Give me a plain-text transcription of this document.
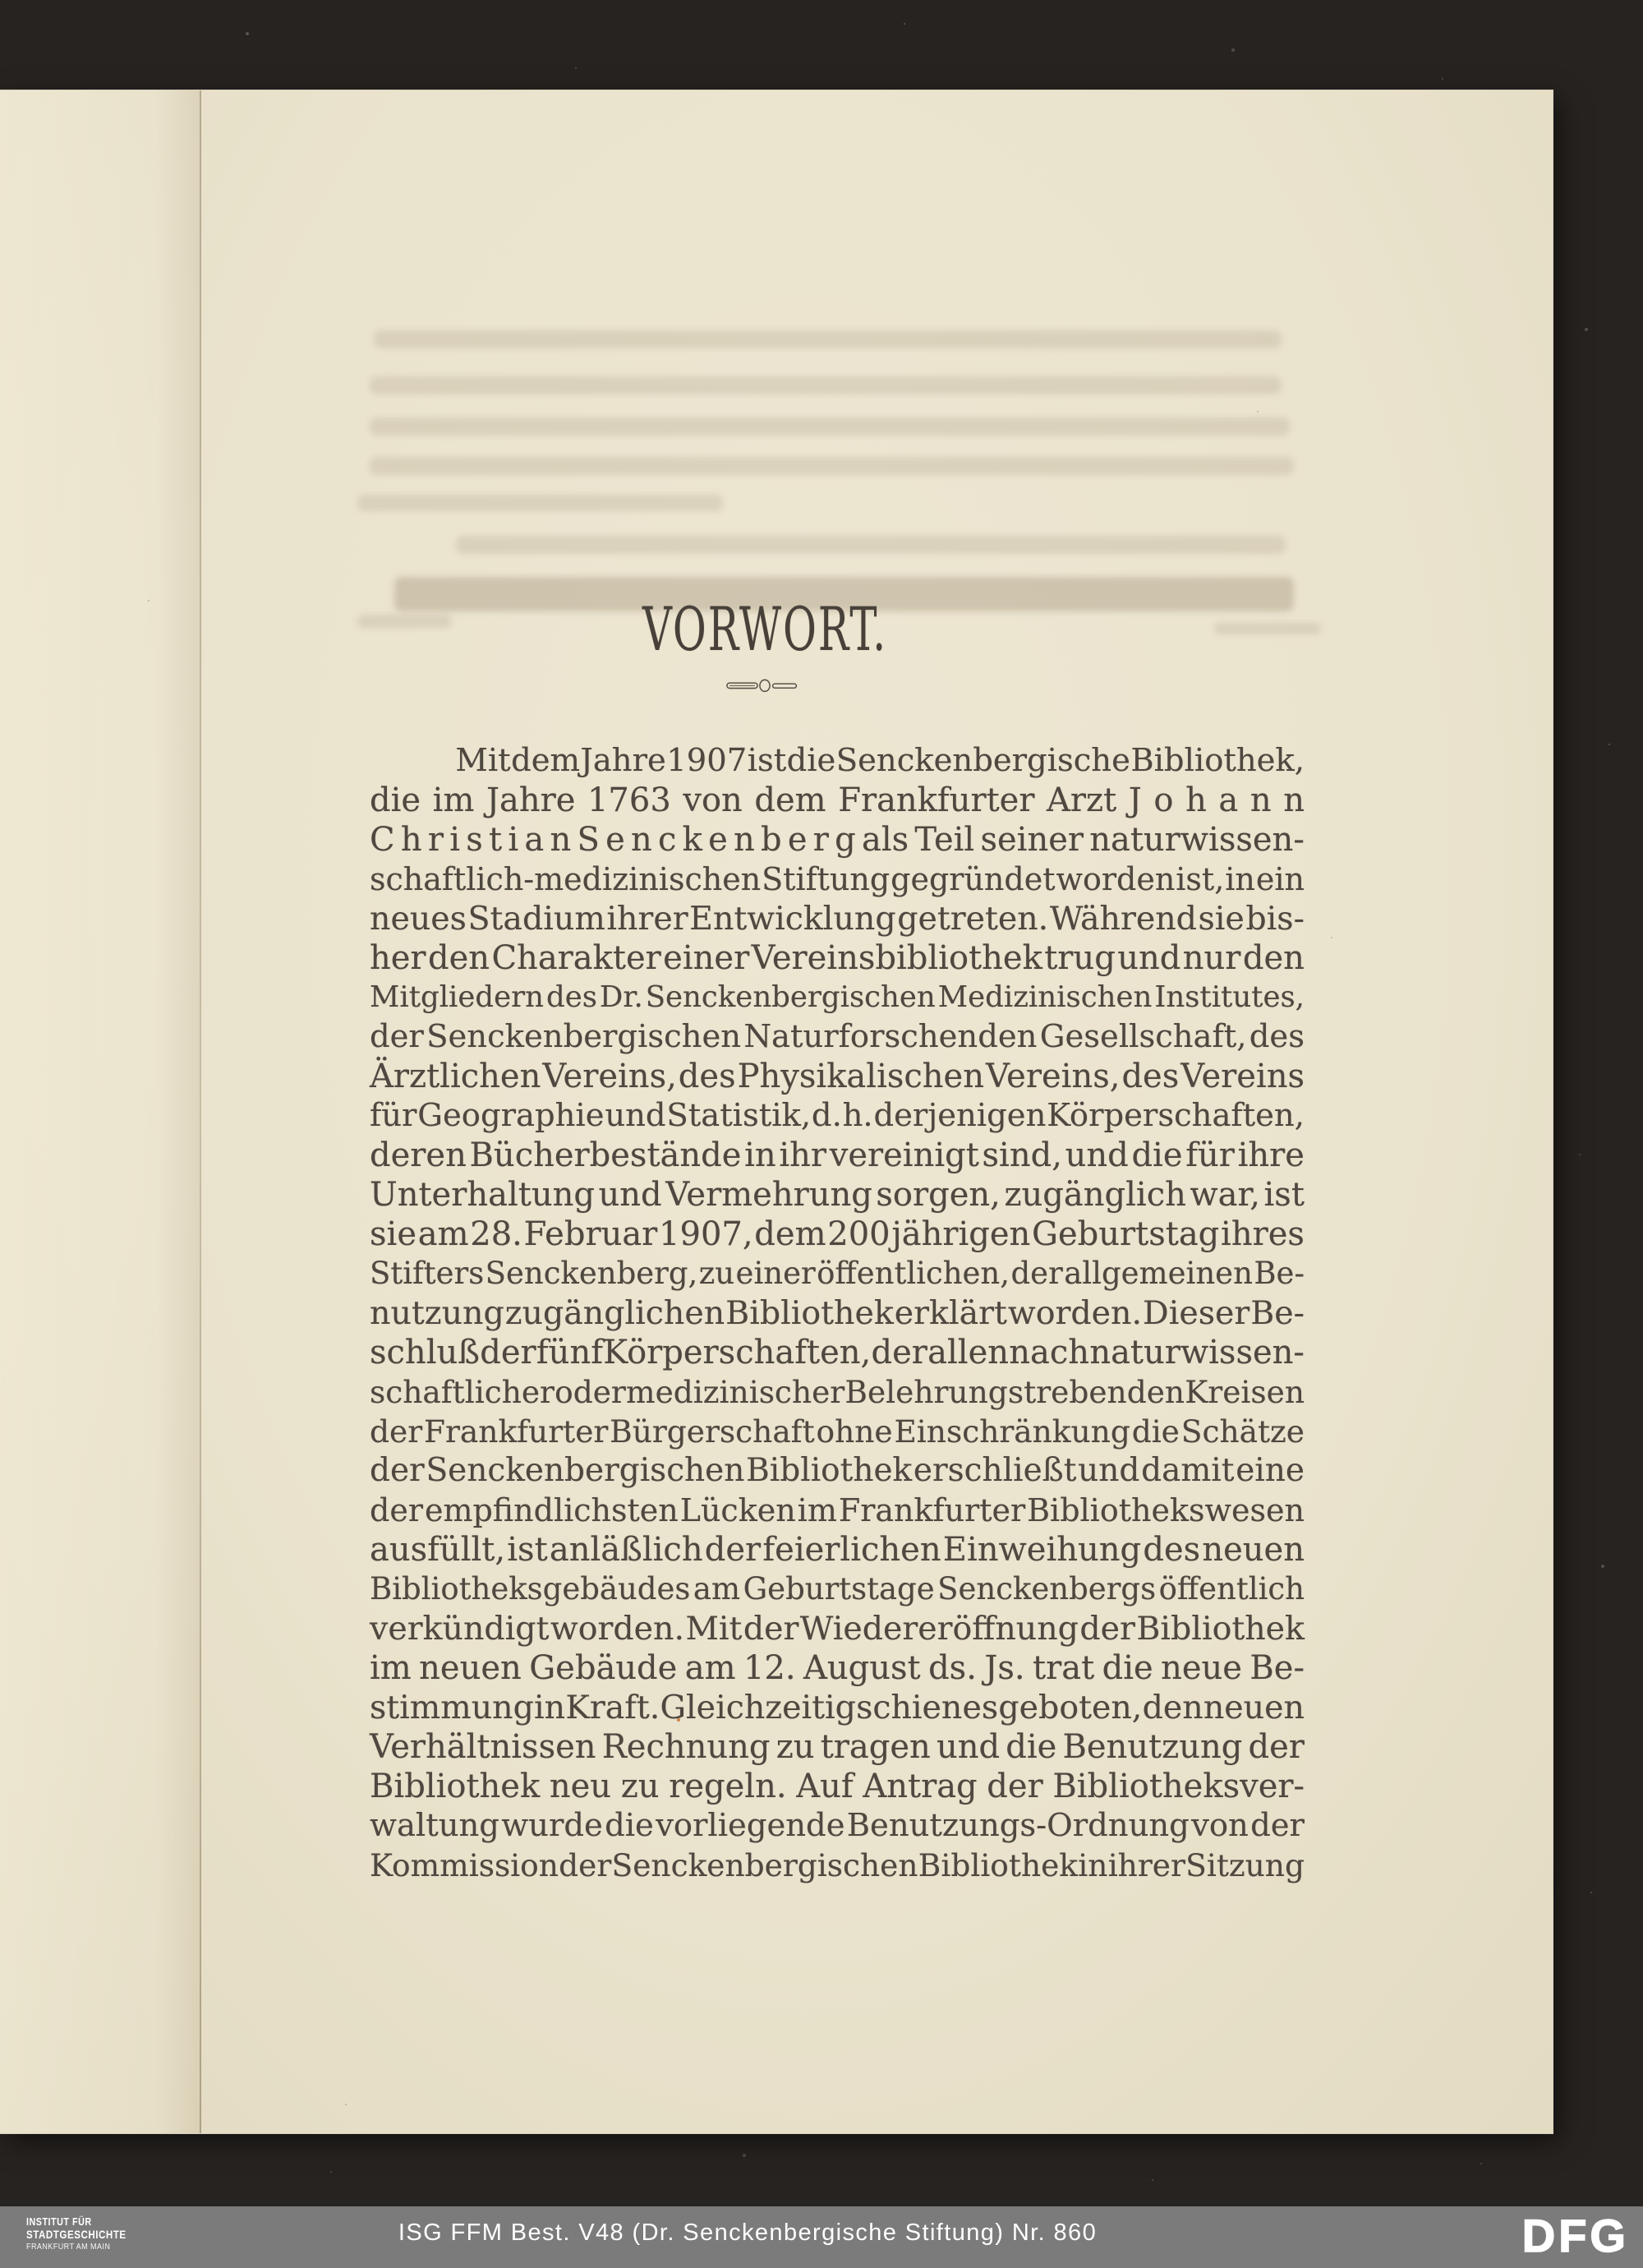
VORWORT.
Mit dem Jahre 1907 ist die Senckenbergische Bibliothek,
die im Jahre 1763 von dem Frankfurter Arzt J o h a n n
C h r i s t i a n S e n c k e n b e r g als Teil seiner naturwissen-
schaftlich-medizinischen Stiftung gegründet worden ist, in ein
neues Stadium ihrer Entwicklung getreten. Während sie bis-
her den Charakter einer Vereinsbibliothek trug und nur den
Mitgliedern des Dr. Senckenbergischen Medizinischen Institutes,
der Senckenbergischen Naturforschenden Gesellschaft, des
Ärztlichen Vereins, des Physikalischen Vereins, des Vereins
für Geographie und Statistik, d. h. derjenigen Körperschaften,
deren Bücherbestände in ihr vereinigt sind, und die für ihre
Unterhaltung und Vermehrung sorgen, zugänglich war, ist
sie am 28. Februar 1907, dem 200 jährigen Geburtstag ihres
Stifters Senckenberg, zu einer öffentlichen, der allgemeinen Be-
nutzung zugänglichen Bibliothek erklärt worden. Dieser Be-
schluß der fünf Körperschaften, der allen nach naturwissen-
schaftlicher oder medizinischer Belehrung strebenden Kreisen
der Frankfurter Bürgerschaft ohne Einschränkung die Schätze
der Senckenbergischen Bibliothek erschließt und damit eine
der empfindlichsten Lücken im Frankfurter Bibliothekswesen
ausfüllt, ist anläßlich der feierlichen Einweihung des neuen
Bibliotheksgebäudes am Geburtstage Senckenbergs öffentlich
verkündigt worden. Mit der Wiedereröffnung der Bibliothek
im neuen Gebäude am 12. August ds. Js. trat die neue Be-
stimmung in Kraft. Gleichzeitig schien es geboten, den neuen
Verhältnissen Rechnung zu tragen und die Benutzung der
Bibliothek neu zu regeln. Auf Antrag der Bibliotheksver-
waltung wurde die vorliegende Benutzungs-Ordnung von der
Kommission der Senckenbergischen Bibliothek in ihrer Sitzung
INSTITUT FÜR
STADTGESCHICHTE
FRANKFURT AM MAIN
ISG FFM Best. V48 (Dr. Senckenbergische Stiftung) Nr. 860	DFG
